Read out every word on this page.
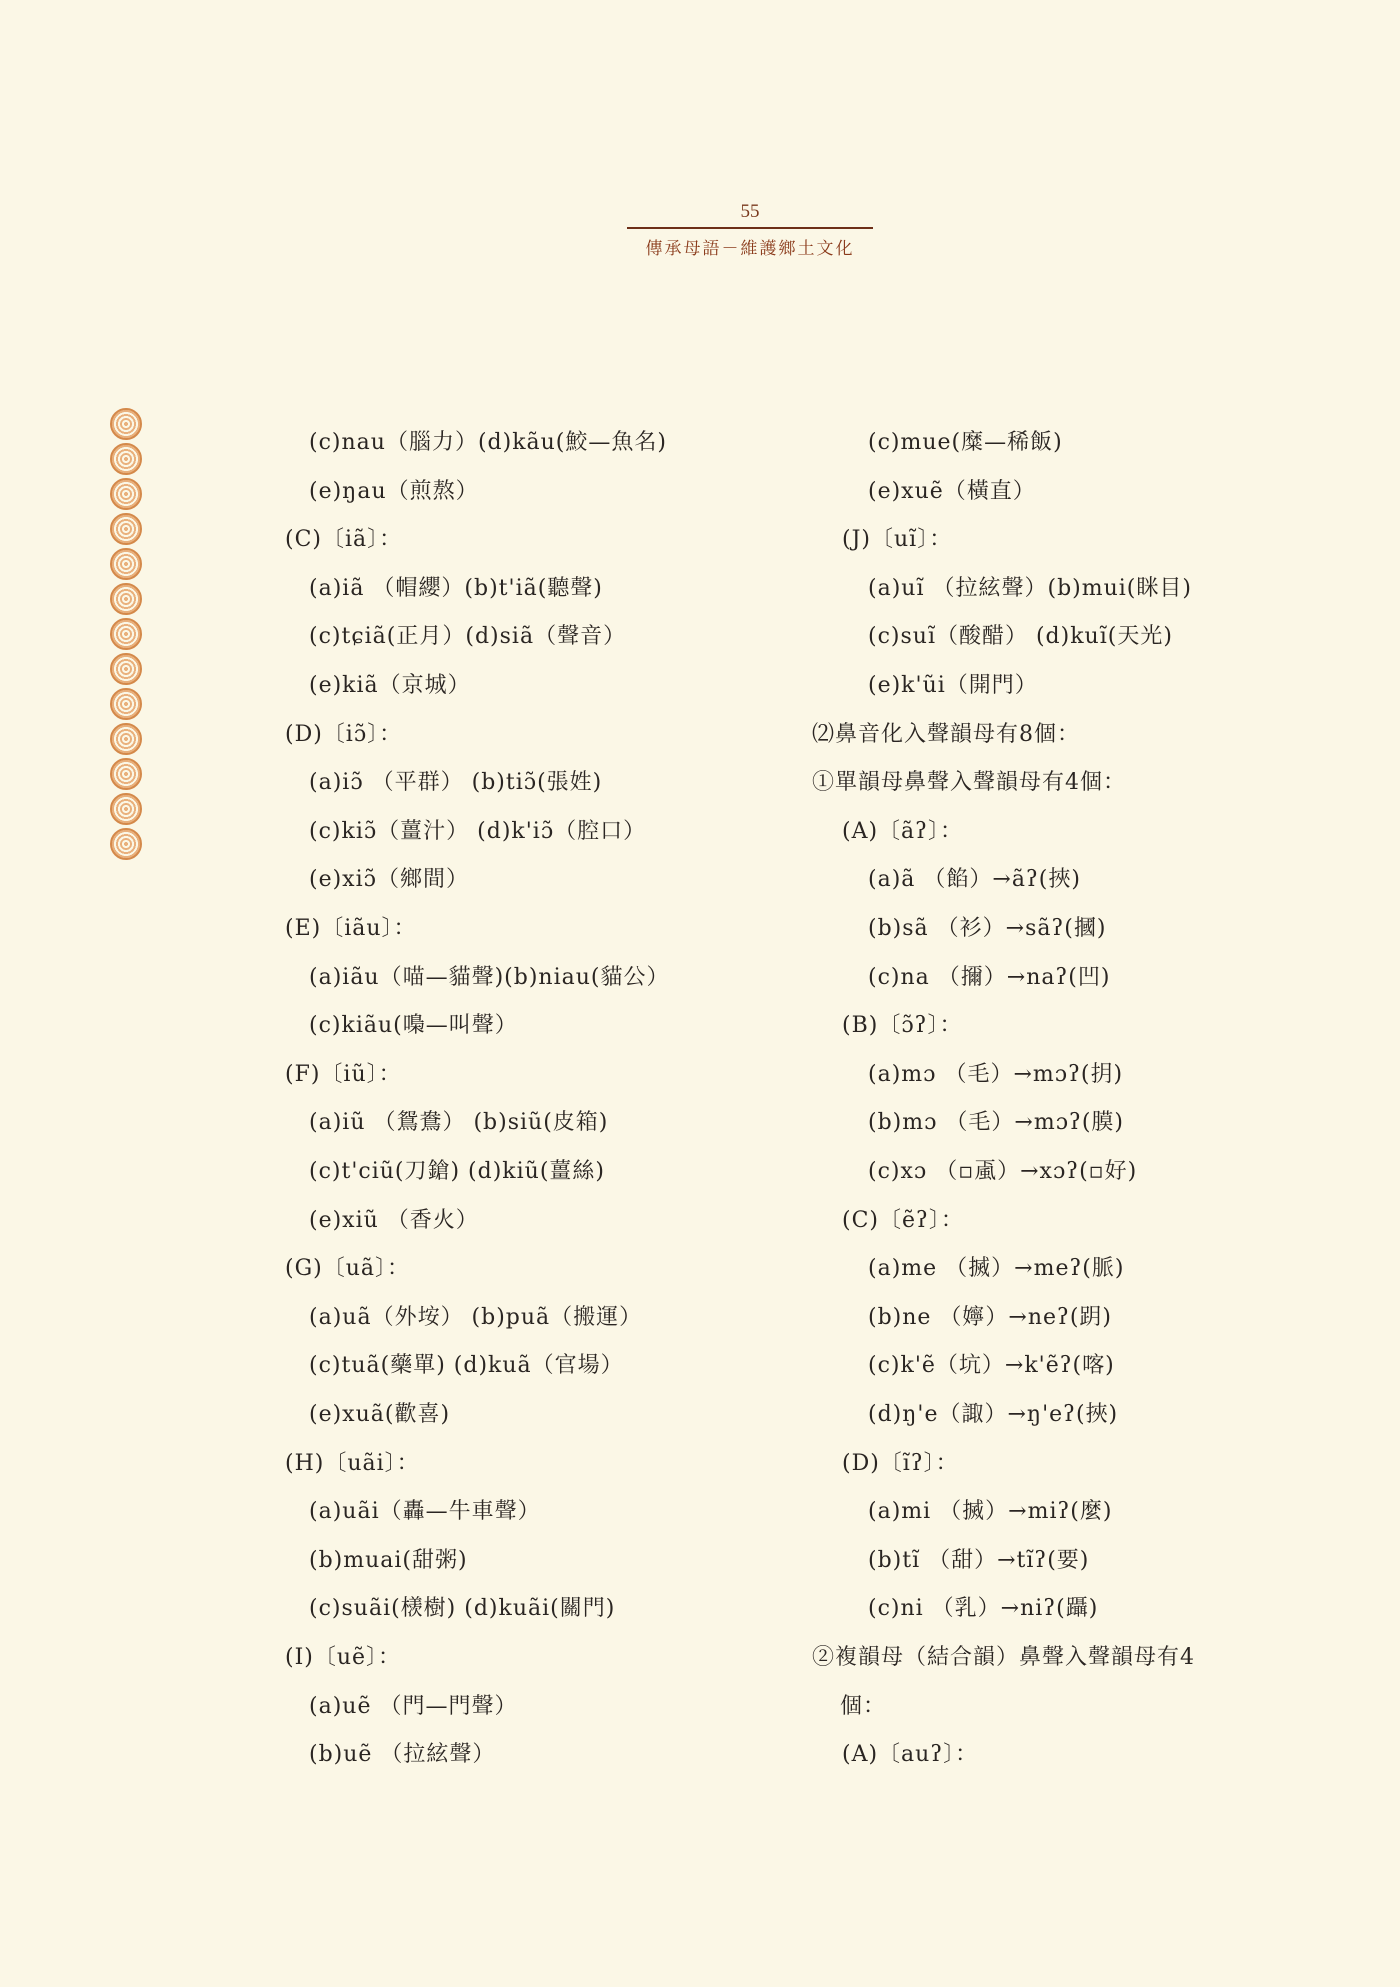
55
傳承母語－維護鄉土文化
(c)nau（腦力）(d)kãu(鮫—魚名)
(e)ŋau（煎熬）
(C)〔iã〕：
(a)iã （帽纓）(b)t'iã(聽聲)
(c)tɕiã(正月）(d)siã（聲音）
(e)kiã（京城）
(D)〔iɔ̃〕：
(a)iɔ̃ （平群） (b)tiɔ̃(張姓)
(c)kiɔ̃（薑汁） (d)k'iɔ̃（腔口）
(e)xiɔ̃（鄉間）
(E)〔iãu〕：
(a)iãu（喵—貓聲)(b)niau(貓公）
(c)kiãu(嘄—叫聲）
(F)〔iũ〕：
(a)iũ （鴛鴦） (b)siũ(皮箱)
(c)t'ciũ(刀鎗) (d)kiũ(薑絲)
(e)xiũ （香火）
(G)〔uã〕：
(a)uã（外垵） (b)puã（搬運）
(c)tuã(藥單) (d)kuã（官場）
(e)xuã(歡喜)
(H)〔uãi〕：
(a)uãi（轟—牛車聲）
(b)muai(甜粥)
(c)suãi(檨樹) (d)kuãi(關門)
(I)〔uẽ〕：
(a)uẽ （門—門聲）
(b)uẽ （拉絃聲）
(c)mue(糜—稀飯)
(e)xuẽ（橫直）
(J)〔uĩ〕：
(a)uĩ （拉絃聲）(b)mui(眯目)
(c)suĩ（酸醋） (d)kuĩ(天光)
(e)k'ũi（開門）
⑵鼻音化入聲韻母有8個：
①單韻母鼻聲入聲韻母有4個：
(A)〔ãʔ〕：
(a)ã （餡）→ãʔ(挾)
(b)sã （衫）→sãʔ(摑)
(c)na （擟）→naʔ(凹)
(B)〔ɔ̃ʔ〕：
(a)mɔ （毛）→mɔʔ(抈)
(b)mɔ （毛）→mɔʔ(膜)
(c)xɔ （▫颪）→xɔʔ(▫好)
(C)〔ẽʔ〕：
(a)me （搣）→meʔ(脈)
(b)ne （嬣）→neʔ(跀)
(c)k'ẽ（坑）→k'ẽʔ(喀)
(d)ŋ'e（諏）→ŋ'eʔ(挾)
(D)〔ĩʔ〕：
(a)mi （搣）→miʔ(麼)
(b)tĩ （甜）→tĩʔ(要)
(c)ni （乳）→niʔ(躡)
②複韻母（結合韻）鼻聲入聲韻母有4
個：
(A)〔auʔ〕：
